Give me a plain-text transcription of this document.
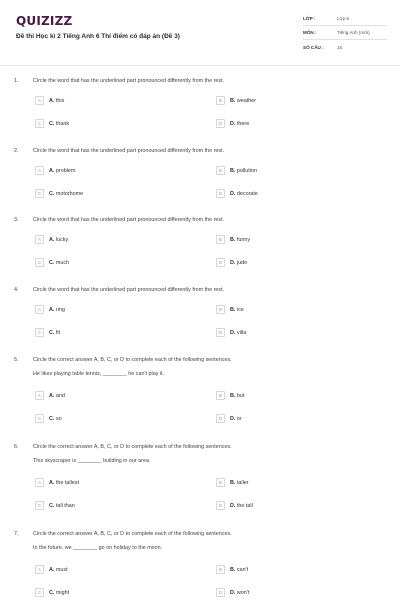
QUIZIZZ
Đề thi Học kì 2 Tiếng Anh 6 Thí điểm có đáp án (Đề 3)
LỚP :	Lớp 6
MÔN :	Tiếng Anh (mới)
SỐ CÂU :	15
1.	Circle the word that has the underlined part pronounced differently from the rest.
A	A. this	B	B. weather
C	C. thank	D	D. there
2.	Circle the word that has the underlined part pronounced differently from the rest.
A	A. problem	B	B. pollution
C	C. motorhome	D	D. decorate
3.	Circle the word that has the underlined part pronounced differently from the rest.
A	A. lucky	B	B. funny
C	C. much	D	D. judo
4.	Circle the word that has the underlined part pronounced differently from the rest.
A	A. ring	B	B. ice
C	C. fit	D	D. villa
5.	Circle the correct answer A, B, C, or D to complete each of the following sentences.
He likes playing table tennis, ________ he can't play it.
A	A. and	B	B. but
C	C. so	D	D. or
6.	Circle the correct answer A, B, C, or D to complete each of the following sentences.
This skyscraper is ________ building in our area.
A	A. the tallest	B	B. taller
C	C. tall than	D	D. the tall
7.	Circle the correct answer A, B, C, or D to complete each of the following sentences.
In the future, we ________ go on holiday to the moon.
A	A. must	B	B. can't
C	C. might	D	D. won't
